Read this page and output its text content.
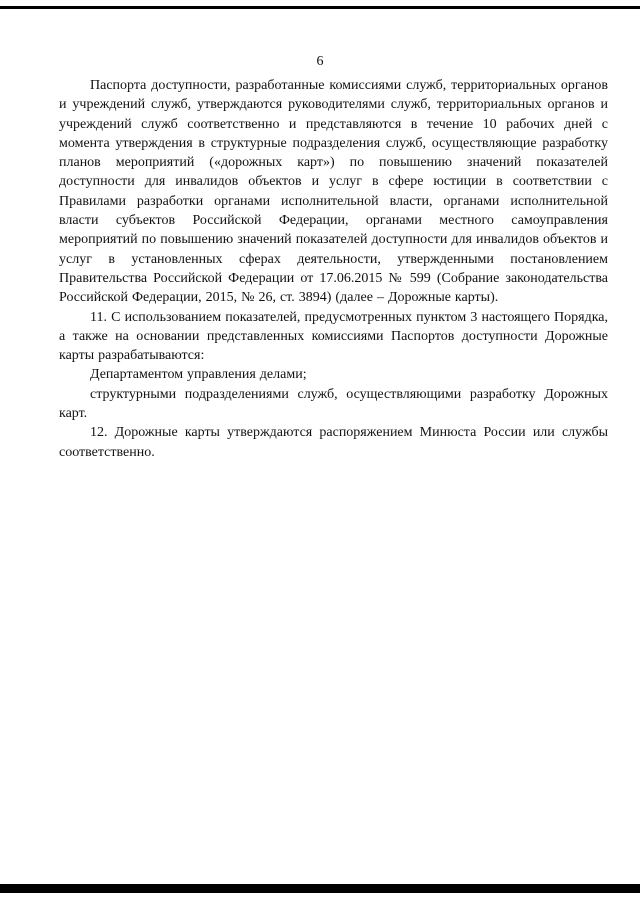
6

Паспорта доступности, разработанные комиссиями служб, территориальных органов и учреждений служб, утверждаются руководителями служб, территориальных органов и учреждений служб соответственно и представляются в течение 10 рабочих дней с момента утверждения в структурные подразделения служб, осуществляющие разработку планов мероприятий («дорожных карт») по повышению значений показателей доступности для инвалидов объектов и услуг в сфере юстиции в соответствии с Правилами разработки органами исполнительной власти, органами исполнительной власти субъектов Российской Федерации, органами местного самоуправления мероприятий по повышению значений показателей доступности для инвалидов объектов и услуг в установленных сферах деятельности, утвержденными постановлением Правительства Российской Федерации от 17.06.2015 № 599 (Собрание законодательства Российской Федерации, 2015, № 26, ст. 3894) (далее – Дорожные карты).

11. С использованием показателей, предусмотренных пунктом 3 настоящего Порядка, а также на основании представленных комиссиями Паспортов доступности Дорожные карты разрабатываются:

Департаментом управления делами;

структурными подразделениями служб, осуществляющими разработку Дорожных карт.

12. Дорожные карты утверждаются распоряжением Минюста России или службы соответственно.
